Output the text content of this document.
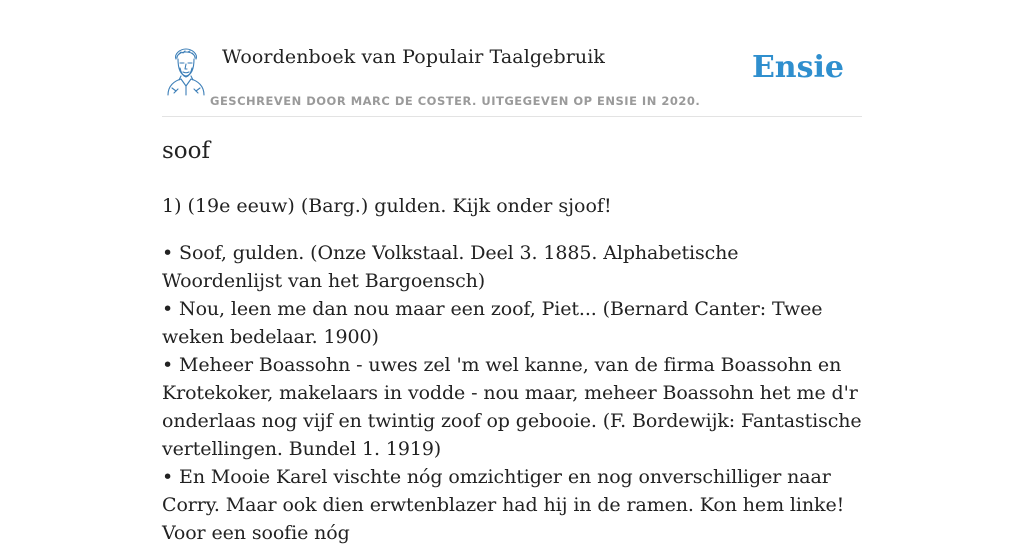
Woordenboek van Populair Taalgebruik
GESCHREVEN DOOR MARC DE COSTER. UITGEGEVEN OP ENSIE IN 2020.
Ensie
soof

1) (19e eeuw) (Barg.) gulden. Kijk onder sjoof!

• Soof, gulden. (Onze Volkstaal. Deel 3. 1885. Alphabetische Woordenlijst van het Bargoensch)

• Nou, leen me dan nou maar een zoof, Piet... (Bernard Canter: Twee weken bedelaar. 1900)

• Meheer Boassohn - uwes zel 'm wel kanne, van de firma Boassohn en Krotekoker, makelaars in vodde - nou maar, meheer Boassohn het me d'r onderlaas nog vijf en twintig zoof op gebooie. (F. Bordewijk: Fantastische vertellingen. Bundel 1. 1919)

• En Mooie Karel vischte nóg omzichtiger en nog onverschilliger naar Corry. Maar ook dien erwtenblazer had hij in de ramen. Kon hem linke! Voor een soofie nóg
